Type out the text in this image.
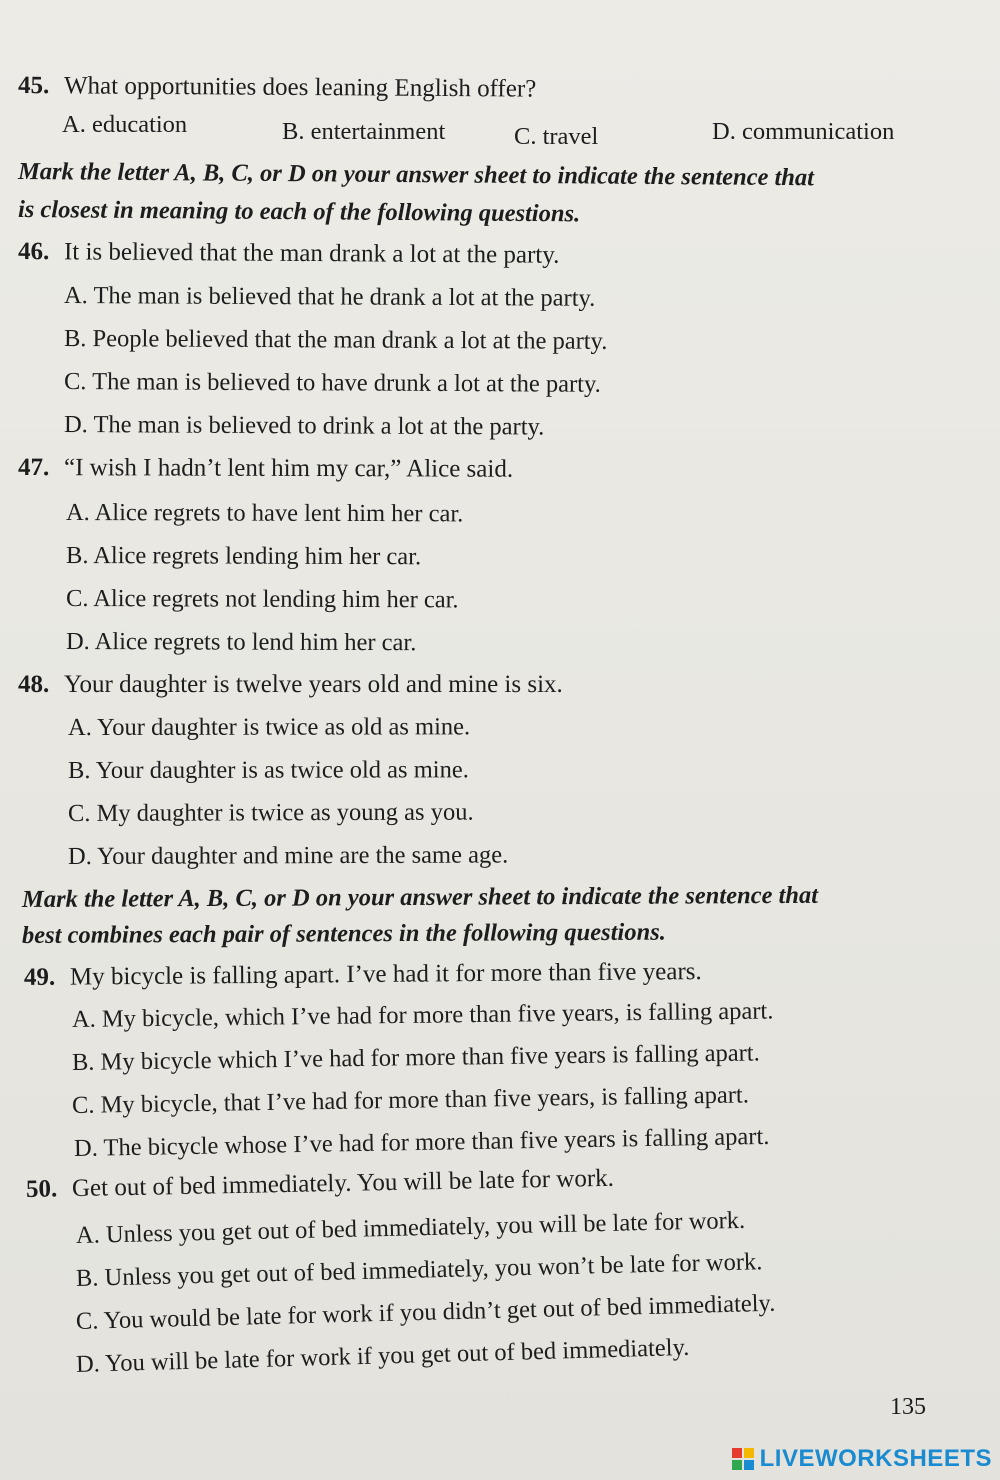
45. What opportunities does leaning English offer?
A. education	B. entertainment	C. travel	D. communication
Mark the letter A, B, C, or D on your answer sheet to indicate the sentence that
is closest in meaning to each of the following questions.
46. It is believed that the man drank a lot at the party.
A. The man is believed that he drank a lot at the party.
B. People believed that the man drank a lot at the party.
C. The man is believed to have drunk a lot at the party.
D. The man is believed to drink a lot at the party.
47. “I wish I hadn’t lent him my car,” Alice said.
A. Alice regrets to have lent him her car.
B. Alice regrets lending him her car.
C. Alice regrets not lending him her car.
D. Alice regrets to lend him her car.
48. Your daughter is twelve years old and mine is six.
A. Your daughter is twice as old as mine.
B. Your daughter is as twice old as mine.
C. My daughter is twice as young as you.
D. Your daughter and mine are the same age.
Mark the letter A, B, C, or D on your answer sheet to indicate the sentence that
best combines each pair of sentences in the following questions.
49. My bicycle is falling apart. I’ve had it for more than five years.
A. My bicycle, which I’ve had for more than five years, is falling apart.
B. My bicycle which I’ve had for more than five years is falling apart.
C. My bicycle, that I’ve had for more than five years, is falling apart.
D. The bicycle whose I’ve had for more than five years is falling apart.
50. Get out of bed immediately. You will be late for work.
A. Unless you get out of bed immediately, you will be late for work.
B. Unless you get out of bed immediately, you won’t be late for work.
C. You would be late for work if you didn’t get out of bed immediately.
D. You will be late for work if you get out of bed immediately.
135
LIVEWORKSHEETS
